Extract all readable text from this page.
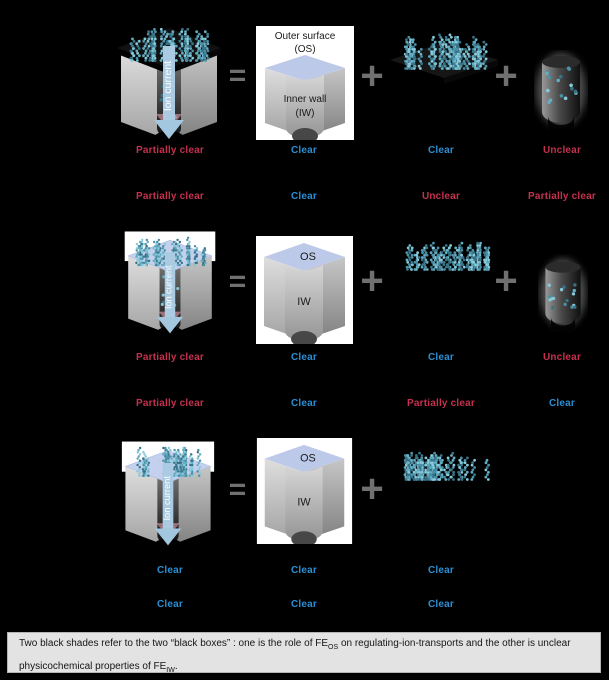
Ion current =
Outer surface
(OS)
Inner wall
(IW)
+	+
Partially clear	Clear	Clear	Unclear
Partially clear	Clear	Unclear	Partially clear
Ion current =
OS
IW +	+
Partially clear	Clear	Clear	Unclear
Partially clear	Clear	Partially clear	Clear
Ion current =
OS
IW +
Clear	Clear	Clear
Clear	Clear	Clear
Two black shades refer to the two “black boxes” : one is the role of $FE_{OS}$ on regulating-ion-transports and the other is unclear physicochemical properties of $FE_{IW}$.
